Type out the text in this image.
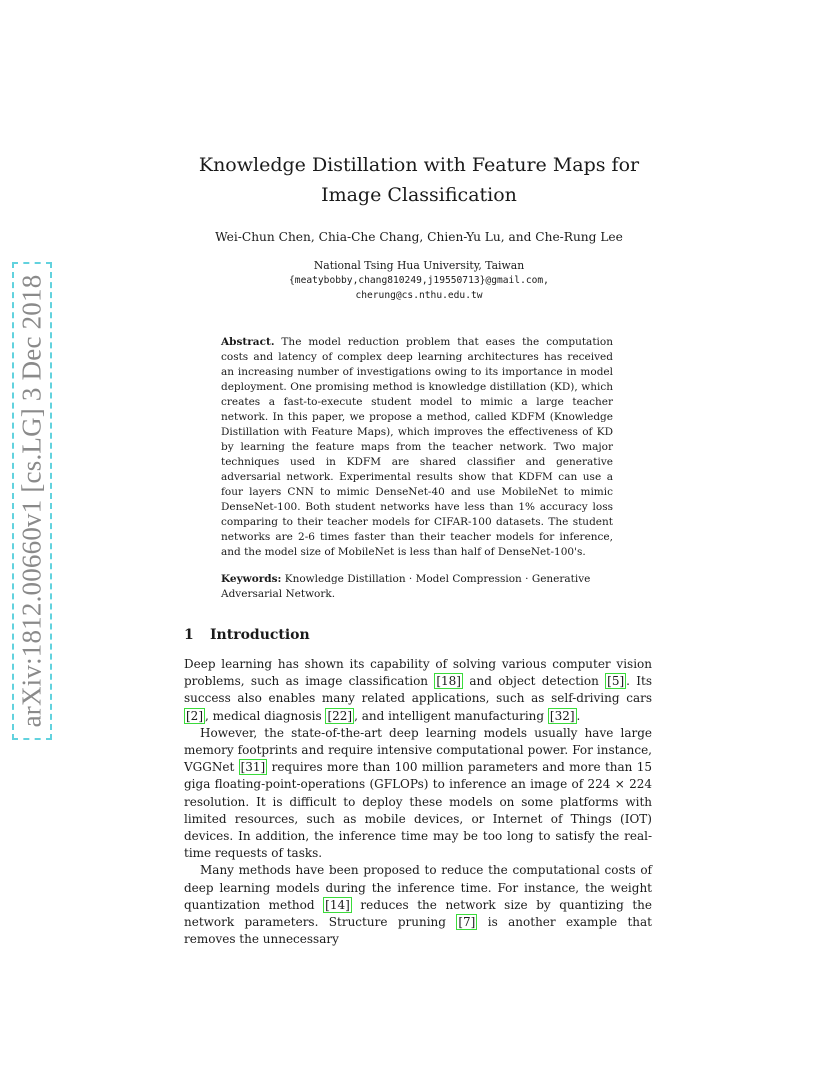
arXiv:1812.00660v1 [cs.LG] 3 Dec 2018
Knowledge Distillation with Feature Maps for
Image Classification
Wei-Chun Chen, Chia-Che Chang, Chien-Yu Lu, and Che-Rung Lee
National Tsing Hua University, Taiwan
{meatybobby,chang810249,j19550713}@gmail.com,
cherung@cs.nthu.edu.tw

Abstract. The model reduction problem that eases the computation costs and latency of complex deep learning architectures has received an increasing number of investigations owing to its importance in model deployment. One promising method is knowledge distillation (KD), which creates a fast-to-execute student model to mimic a large teacher network. In this paper, we propose a method, called KDFM (Knowledge Distillation with Feature Maps), which improves the effectiveness of KD by learning the feature maps from the teacher network. Two major techniques used in KDFM are shared classifier and generative adversarial network. Experimental results show that KDFM can use a four layers CNN to mimic DenseNet-40 and use MobileNet to mimic DenseNet-100. Both student networks have less than 1% accuracy loss comparing to their teacher models for CIFAR-100 datasets. The student networks are 2-6 times faster than their teacher models for inference, and the model size of MobileNet is less than half of DenseNet-100's.

Keywords: Knowledge Distillation · Model Compression · Generative Adversarial Network.

1 Introduction

Deep learning has shown its capability of solving various computer vision problems, such as image classification [18] and object detection [5] . Its success also enables many related applications, such as self-driving cars [2] , medical diagnosis [22] , and intelligent manufacturing [32] .

However, the state-of-the-art deep learning models usually have large memory footprints and require intensive computational power. For instance, VGGNet [31] requires more than 100 million parameters and more than 15 giga floating-point-operations (GFLOPs) to inference an image of 224 × 224 resolution. It is difficult to deploy these models on some platforms with limited resources, such as mobile devices, or Internet of Things (IOT) devices. In addition, the inference time may be too long to satisfy the real-time requests of tasks.

Many methods have been proposed to reduce the computational costs of deep learning models during the inference time. For instance, the weight quantization method [14] reduces the network size by quantizing the network parameters. Structure pruning [7] is another example that removes the unnecessary
